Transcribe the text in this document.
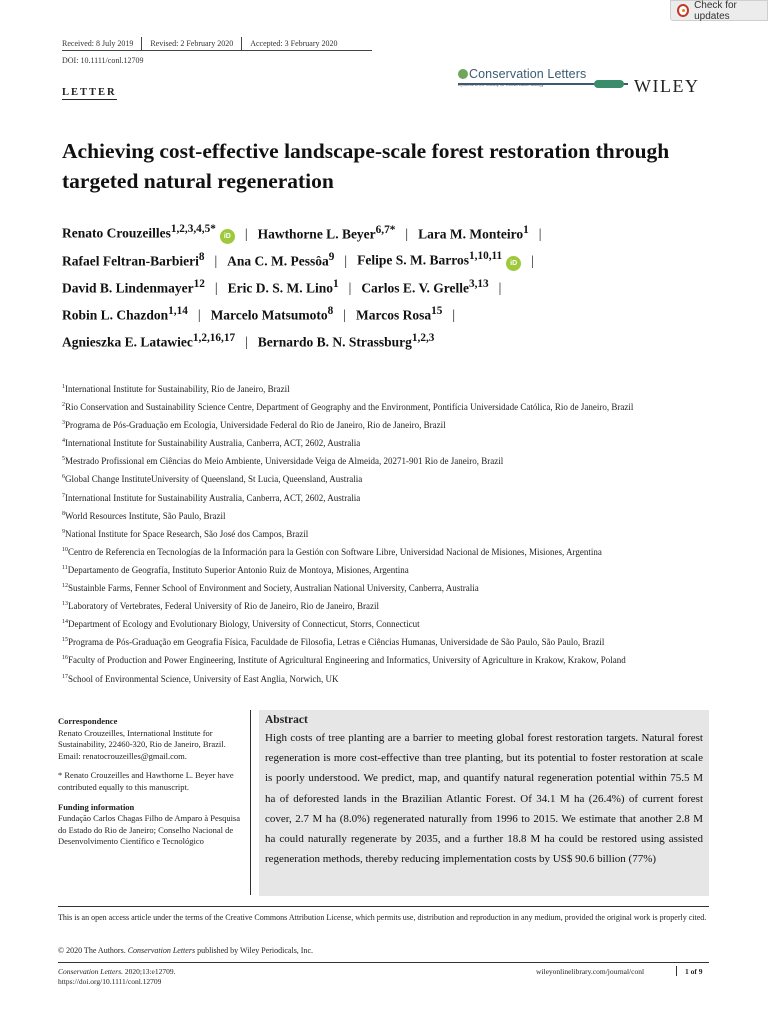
Check for updates
Received: 8 July 2019	Revised: 2 February 2020	Accepted: 3 February 2020
DOI: 10.1111/conl.12709
Conservation Letters
A journal of the Society for Conservation Biology	WILEY
LETTER
Achieving cost-effective landscape-scale forest restoration through targeted natural regeneration
Renato Crouzeilles$^{1,2,3,4,5*}$iD | Hawthorne L. Beyer$^{6,7*}$ | Lara M. Monteiro$^1$ |
Rafael Feltran-Barbieri$^8$ | Ana C. M. Pessôa$^9$ | Felipe S. M. Barros$^{1,10,11}$iD |
David B. Lindenmayer$^{12}$ | Eric D. S. M. Lino$^1$ | Carlos E. V. Grelle$^{3,13}$ |
Robin L. Chazdon$^{1,14}$ | Marcelo Matsumoto$^8$ | Marcos Rosa$^{15}$ |
Agnieszka E. Latawiec$^{1,2,16,17}$ | Bernardo B. N. Strassburg$^{1,2,3}$
$^1$International Institute for Sustainability, Rio de Janeiro, Brazil
$^2$Rio Conservation and Sustainability Science Centre, Department of Geography and the Environment, Pontifícia Universidade Católica, Rio de Janeiro, Brazil
$^3$Programa de Pós-Graduação em Ecologia, Universidade Federal do Rio de Janeiro, Rio de Janeiro, Brazil
$^4$International Institute for Sustainability Australia, Canberra, ACT, 2602, Australia
$^5$Mestrado Profissional em Ciências do Meio Ambiente, Universidade Veiga de Almeida, 20271-901 Rio de Janeiro, Brazil
$^6$Global Change InstituteUniversity of Queensland, St Lucia, Queensland, Australia
$^7$International Institute for Sustainability Australia, Canberra, ACT, 2602, Australia
$^8$World Resources Institute, São Paulo, Brazil
$^9$National Institute for Space Research, São José dos Campos, Brazil
$^{10}$Centro de Referencia en Tecnologías de la Información para la Gestión con Software Libre, Universidad Nacional de Misiones, Misiones, Argentina
$^{11}$Departamento de Geografía, Instituto Superior Antonio Ruiz de Montoya, Misiones, Argentina
$^{12}$Sustainble Farms, Fenner School of Environment and Society, Australian National University, Canberra, Australia
$^{13}$Laboratory of Vertebrates, Federal University of Rio de Janeiro, Rio de Janeiro, Brazil
$^{14}$Department of Ecology and Evolutionary Biology, University of Connecticut, Storrs, Connecticut
$^{15}$Programa de Pós-Graduação em Geografia Física, Faculdade de Filosofia, Letras e Ciências Humanas, Universidade de São Paulo, São Paulo, Brazil
$^{16}$Faculty of Production and Power Engineering, Institute of Agricultural Engineering and Informatics, University of Agriculture in Krakow, Krakow, Poland
$^{17}$School of Environmental Science, University of East Anglia, Norwich, UK
Correspondence
Renato Crouzeilles, International Institute for Sustainability, 22460-320, Rio de Janeiro, Brazil.
Email: renatocrouzeilles@gmail.com.
* Renato Crouzeilles and Hawthorne L. Beyer have contributed equally to this manuscript.
Funding information
Fundação Carlos Chagas Filho de Amparo à Pesquisa do Estado do Rio de Janeiro; Conselho Nacional de Desenvolvimento Científico e Tecnológico
Abstract
High costs of tree planting are a barrier to meeting global forest restoration targets. Natural forest regeneration is more cost-effective than tree planting, but its potential to foster restoration at scale is poorly understood. We predict, map, and quantify natural regeneration potential within 75.5 M ha of deforested lands in the Brazilian Atlantic Forest. Of 34.1 M ha (26.4%) of current forest cover, 2.7 M ha (8.0%) regenerated naturally from 1996 to 2015. We estimate that another 2.8 M ha could naturally regenerate by 2035, and a further 18.8 M ha could be restored using assisted regeneration methods, thereby reducing implementation costs by US$ 90.6 billion (77%)
This is an open access article under the terms of the Creative Commons Attribution License, which permits use, distribution and reproduction in any medium, provided the original work is properly cited.
© 2020 The Authors. Conservation Letters published by Wiley Periodicals, Inc.
Conservation Letters. 2020;13:e12709.
https://doi.org/10.1111/conl.12709
wileyonlinelibrary.com/journal/conl	1 of 9
